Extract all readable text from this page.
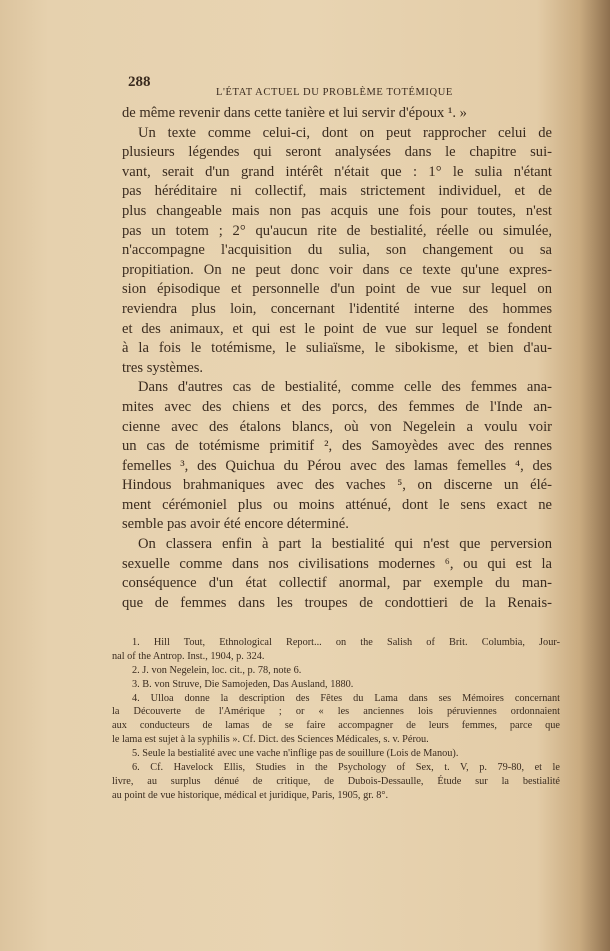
288
L'ÉTAT ACTUEL DU PROBLÈME TOTÉMIQUE
de même revenir dans cette tanière et lui servir d'époux ¹. »
Un texte comme celui-ci, dont on peut rapprocher celui de
plusieurs légendes qui seront analysées dans le chapitre sui-
vant, serait d'un grand intérêt n'était que : 1° le sulia n'étant
pas héréditaire ni collectif, mais strictement individuel, et de
plus changeable mais non pas acquis une fois pour toutes, n'est
pas un totem ; 2° qu'aucun rite de bestialité, réelle ou simulée,
n'accompagne l'acquisition du sulia, son changement ou sa
propitiation. On ne peut donc voir dans ce texte qu'une expres-
sion épisodique et personnelle d'un point de vue sur lequel on
reviendra plus loin, concernant l'identité interne des hommes
et des animaux, et qui est le point de vue sur lequel se fondent
à la fois le totémisme, le suliaïsme, le sibokisme, et bien d'au-
tres systèmes.
Dans d'autres cas de bestialité, comme celle des femmes ana-
mites avec des chiens et des porcs, des femmes de l'Inde an-
cienne avec des étalons blancs, où von Negelein a voulu voir
un cas de totémisme primitif ², des Samoyèdes avec des rennes
femelles ³, des Quichua du Pérou avec des lamas femelles ⁴, des
Hindous brahmaniques avec des vaches ⁵, on discerne un élé-
ment cérémoniel plus ou moins atténué, dont le sens exact ne
semble pas avoir été encore déterminé.
On classera enfin à part la bestialité qui n'est que perversion
sexuelle comme dans nos civilisations modernes ⁶, ou qui est la
conséquence d'un état collectif anormal, par exemple du man-
que de femmes dans les troupes de condottieri de la Renais-
1. Hill Tout, Ethnological Report... on the Salish of Brit. Columbia, Jour-
nal of the Antrop. Inst., 1904, p. 324.
2. J. von Negelein, loc. cit., p. 78, note 6.
3. B. von Struve, Die Samojeden, Das Ausland, 1880.
4. Ulloa donne la description des Fêtes du Lama dans ses Mémoires concernant
la Découverte de l'Amérique ; or « les anciennes lois péruviennes ordonnaient
aux conducteurs de lamas de se faire accompagner de leurs femmes, parce que
le lama est sujet à la syphilis ». Cf. Dict. des Sciences Médicales, s. v. Pérou.
5. Seule la bestialité avec une vache n'inflige pas de souillure (Lois de Manou).
6. Cf. Havelock Ellis, Studies in the Psychology of Sex, t. V, p. 79-80, et le
livre, au surplus dénué de critique, de Dubois-Dessaulle, Étude sur la bestialité
au point de vue historique, médical et juridique, Paris, 1905, gr. 8°.
